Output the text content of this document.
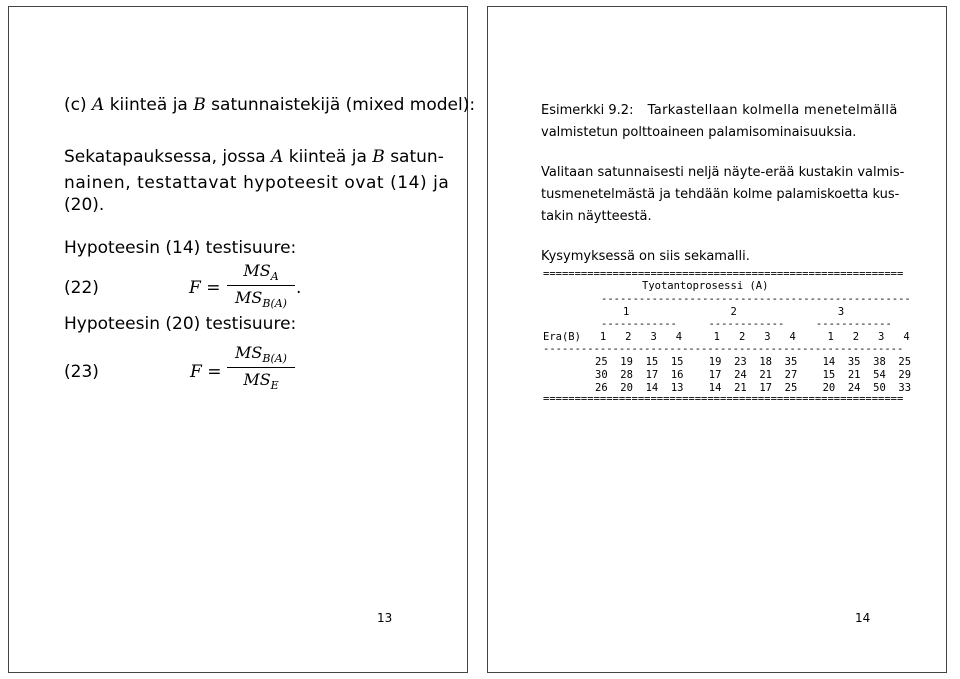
(c) A kiinteä ja B satunnaistekijä (mixed model):
Sekatapauksessa, jossa A kiinteä ja B satun-
nainen, testattavat hypoteesit ovat (14) ja
(20).
Hypoteesin (14) testisuure:
(22)	F =
$MS_A$
$MS_{B(A)}$
.
Hypoteesin (20) testisuure:
(23)	F =
$MS_{B(A)}$
$MS_E$
13
Esimerkki 9.2: Tarkastellaan kolmella menetelmällä
valmistetun polttoaineen palamisominaisuuksia.
Valitaan satunnaisesti neljä näyte-erää kustakin valmis-
tusmenetelmästä ja tehdään kolme palamiskoetta kus-
takin näytteestä.
Kysymyksessä on siis sekamalli.
=========================================================
Tyotantoprosessi (A)
-------------------------------------------------
1                2                3
------------     ------------     ------------
Era(B)   1   2   3   4     1   2   3   4     1   2   3   4
---------------------------------------------------------
25  19  15  15    19  23  18  35    14  35  38  25
30  28  17  16    17  24  21  27    15  21  54  29
26  20  14  13    14  21  17  25    20  24  50  33
=========================================================
14
